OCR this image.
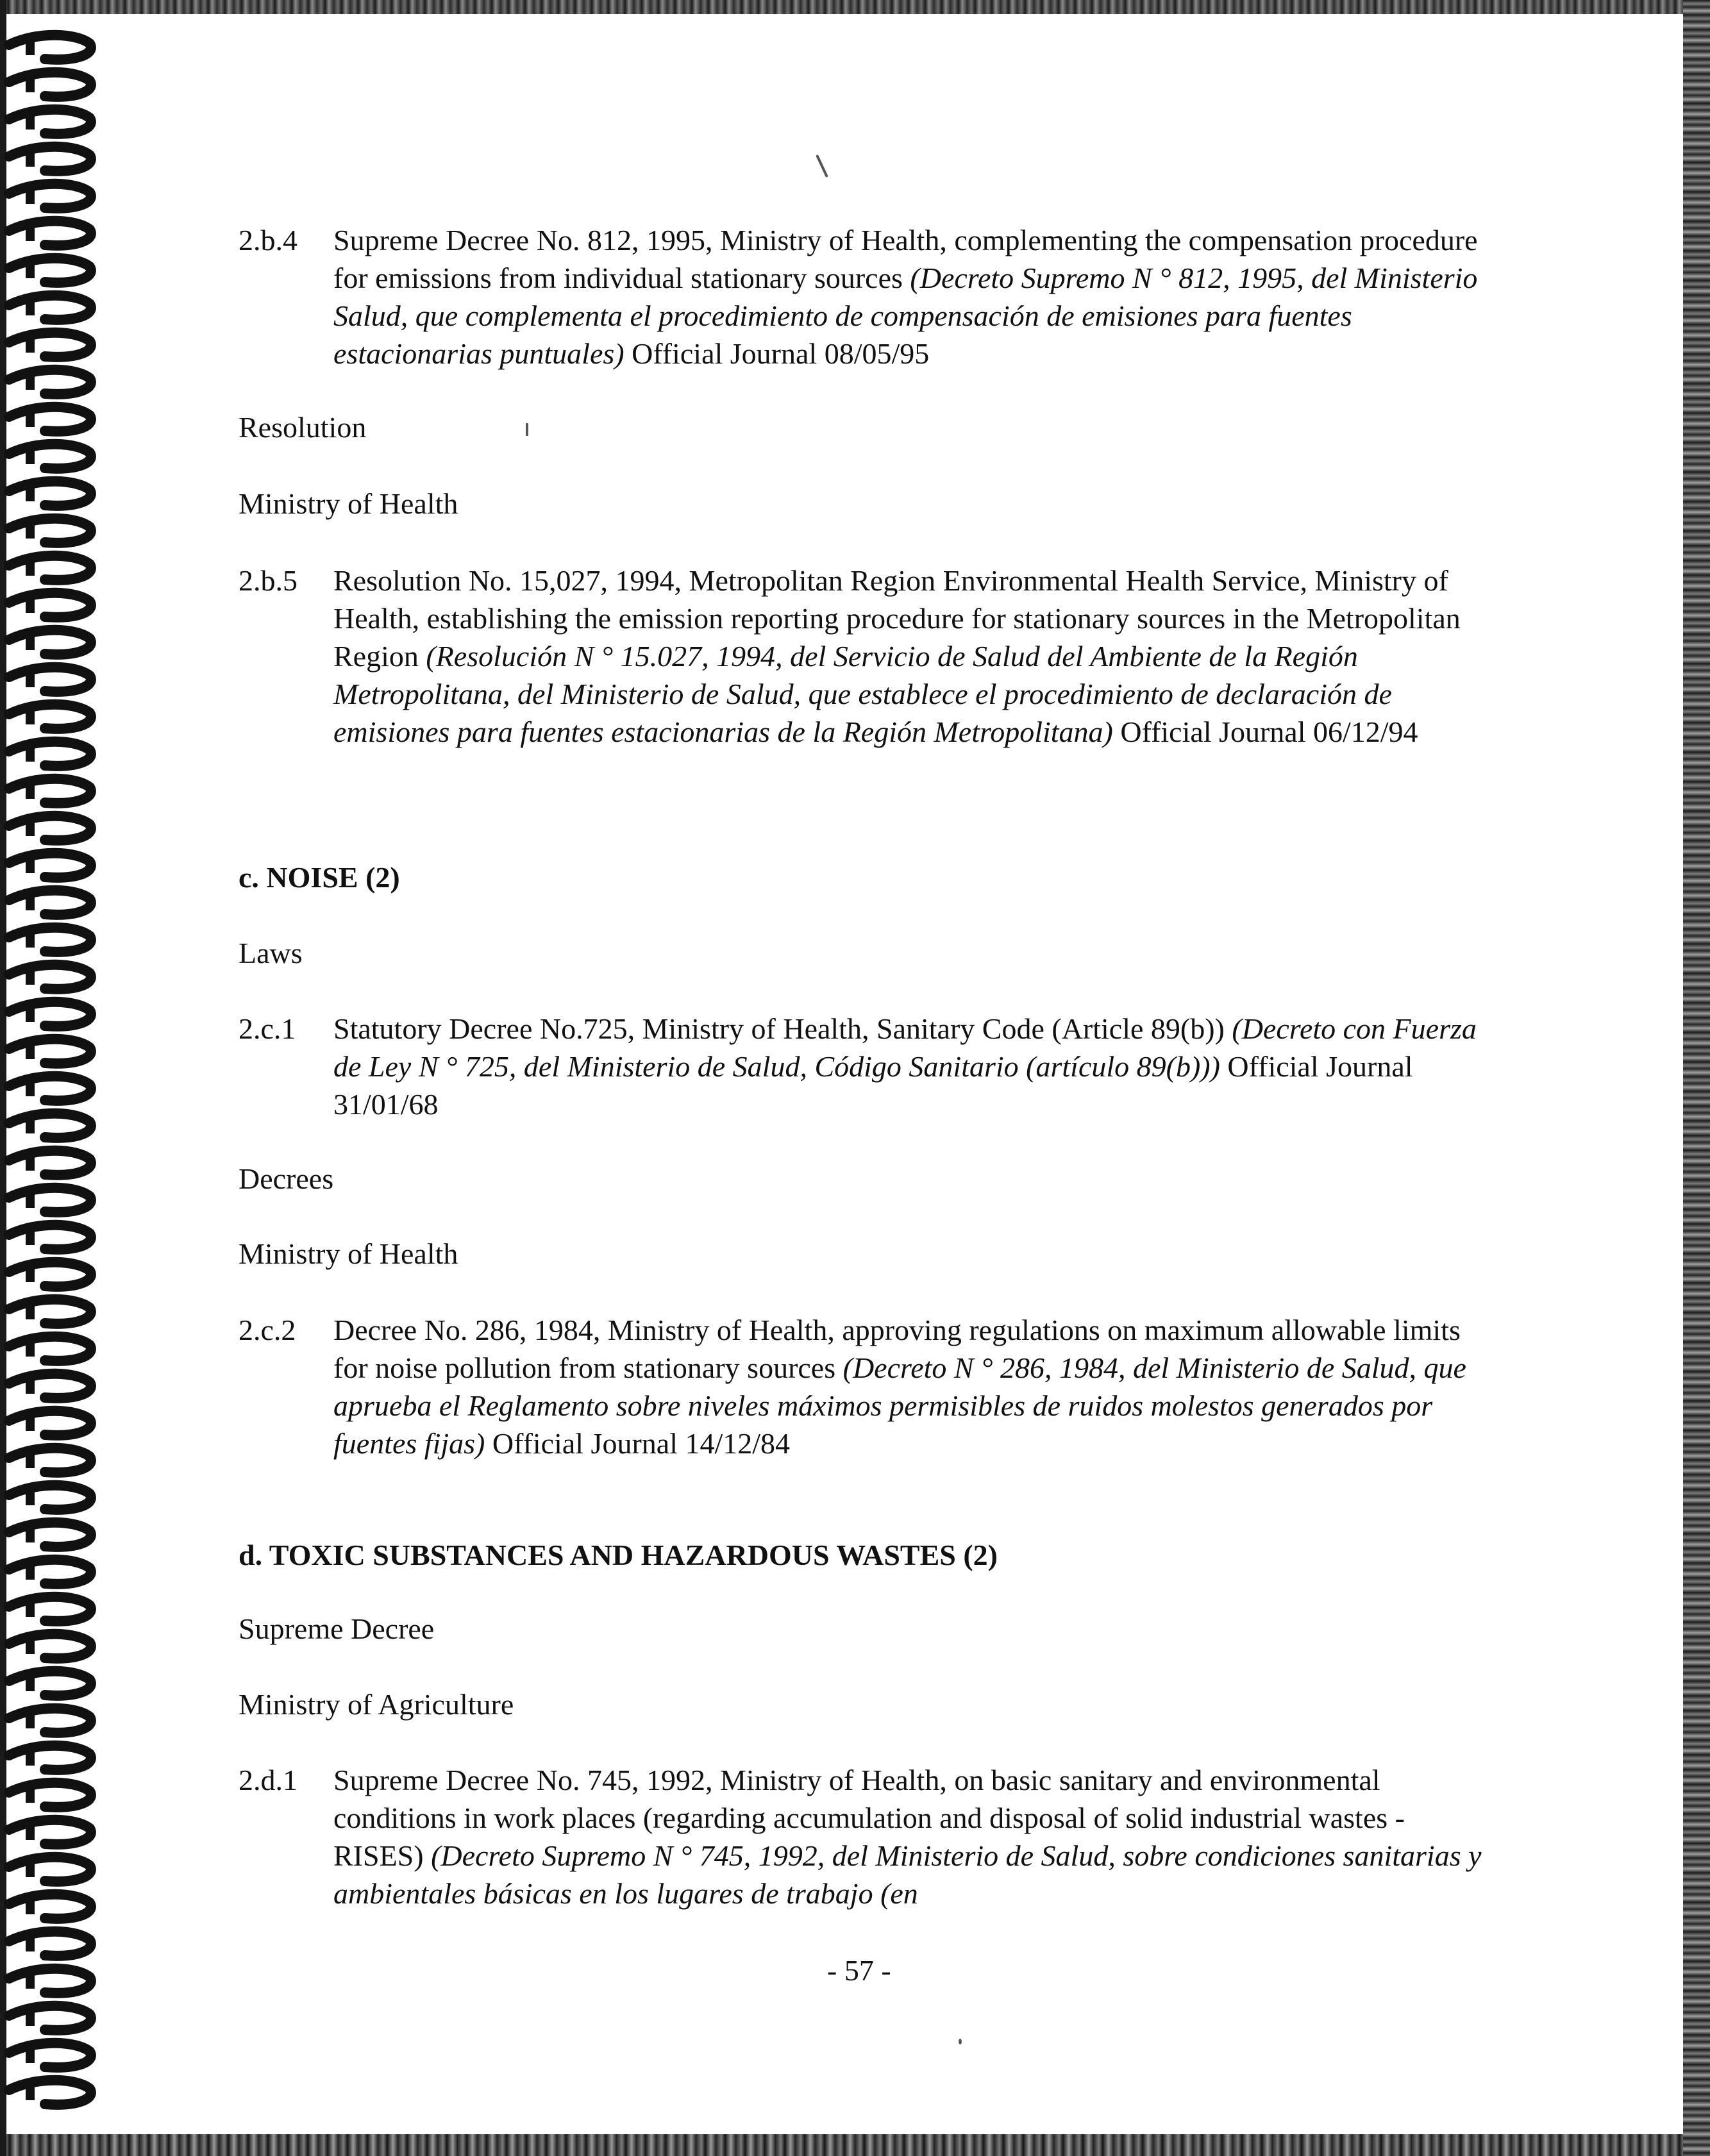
2.b.4 Supreme Decree No. 812, 1995, Ministry of Health, complementing the compensation procedure for emissions from individual stationary sources (Decreto Supremo N ° 812, 1995, del Ministerio Salud, que complementa el procedimiento de compensación de emisiones para fuentes estacionarias puntuales) Official Journal 08/05/95
Resolution
Ministry of Health
2.b.5 Resolution No. 15,027, 1994, Metropolitan Region Environmental Health Service, Ministry of Health, establishing the emission reporting procedure for stationary sources in the Metropolitan Region (Resolución N ° 15.027, 1994, del Servicio de Salud del Ambiente de la Región Metropolitana, del Ministerio de Salud, que establece el procedimiento de declaración de emisiones para fuentes estacionarias de la Región Metropolitana) Official Journal 06/12/94
c. NOISE (2)
Laws
2.c.1 Statutory Decree No.725, Ministry of Health, Sanitary Code (Article 89(b)) (Decreto con Fuerza de Ley N ° 725, del Ministerio de Salud, Código Sanitario (artículo 89(b))) Official Journal 31/01/68
Decrees
Ministry of Health
2.c.2 Decree No. 286, 1984, Ministry of Health, approving regulations on maximum allowable limits for noise pollution from stationary sources (Decreto N ° 286, 1984, del Ministerio de Salud, que aprueba el Reglamento sobre niveles máximos permisibles de ruidos molestos generados por fuentes fijas) Official Journal 14/12/84
d. TOXIC SUBSTANCES AND HAZARDOUS WASTES (2)
Supreme Decree
Ministry of Agriculture
2.d.1 Supreme Decree No. 745, 1992, Ministry of Health, on basic sanitary and environmental conditions in work places (regarding accumulation and disposal of solid industrial wastes - RISES) (Decreto Supremo N ° 745, 1992, del Ministerio de Salud, sobre condiciones sanitarias y ambientales básicas en los lugares de trabajo (en
- 57 -
